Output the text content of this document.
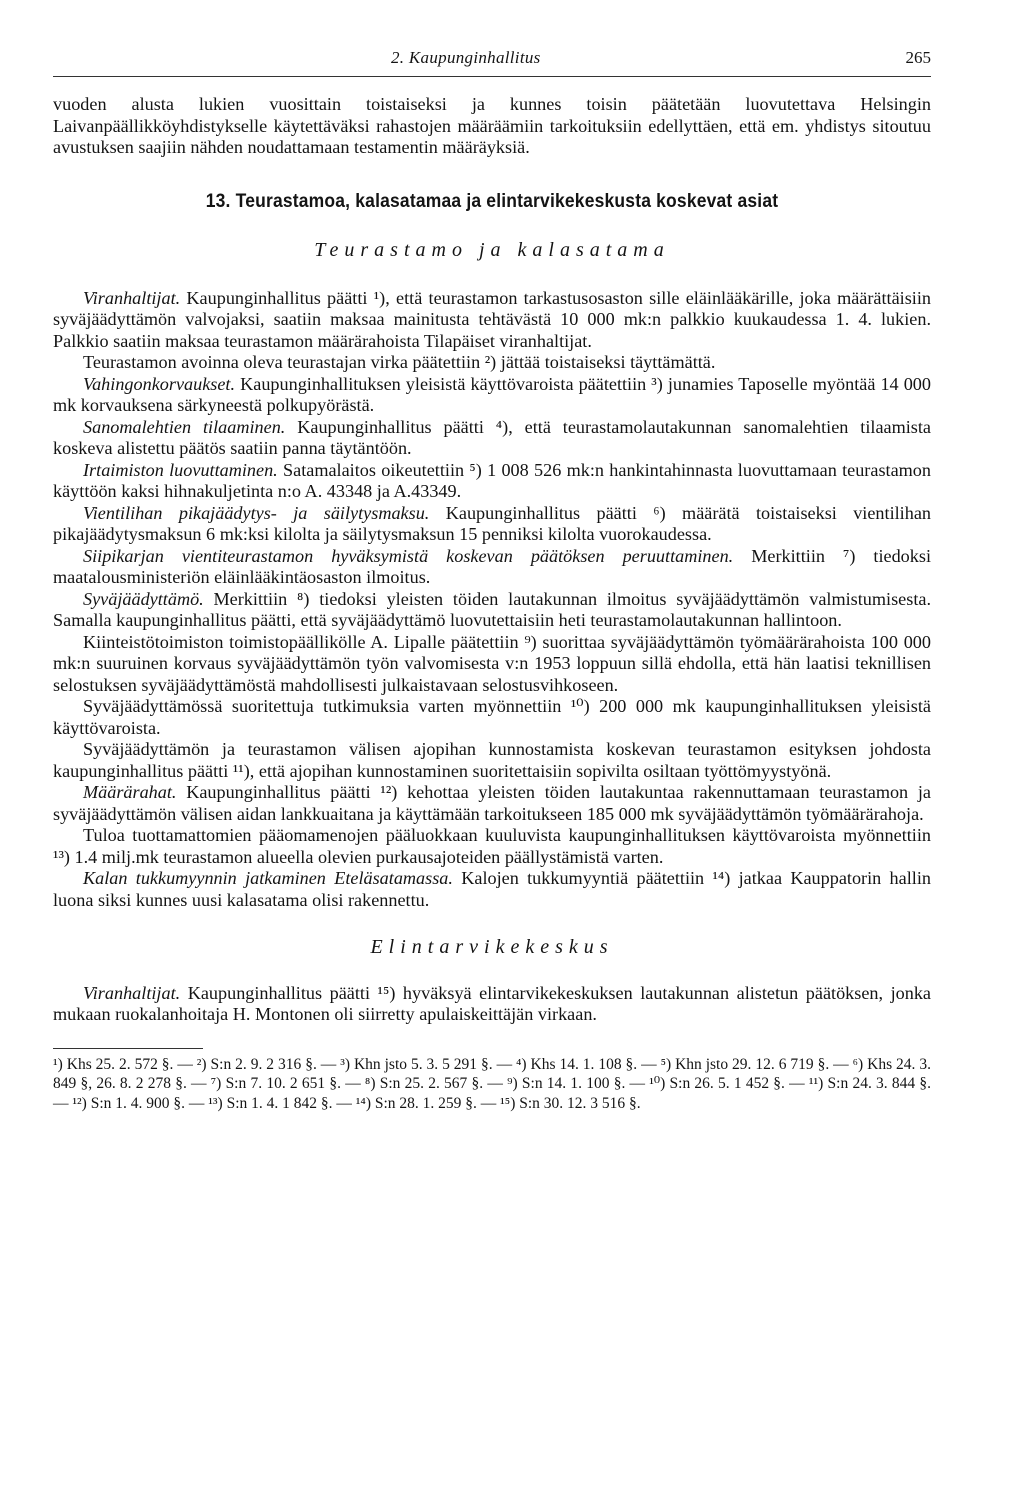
2. Kaupunginhallitus	265

vuoden alusta lukien vuosittain toistaiseksi ja kunnes toisin päätetään luovutettava Helsingin Laivanpäällikköyhdistykselle käytettäväksi rahastojen määräämiin tarkoituksiin edellyttäen, että em. yhdistys sitoutuu avustuksen saajiin nähden noudattamaan testamentin määräyksiä.

13. Teurastamoa, kalasatamaa ja elintarvikekeskusta koskevat asiat
Teurastamo ja kalasatama

Viranhaltijat. Kaupunginhallitus päätti ¹), että teurastamon tarkastusosaston sille eläinlääkärille, joka määrättäisiin syväjäädyttämön valvojaksi, saatiin maksaa mainitusta tehtävästä 10 000 mk:n palkkio kuukaudessa 1. 4. lukien. Palkkio saatiin maksaa teurastamon määrärahoista Tilapäiset viranhaltijat.

Teurastamon avoinna oleva teurastajan virka päätettiin ²) jättää toistaiseksi täyttämättä.

Vahingonkorvaukset. Kaupunginhallituksen yleisistä käyttövaroista päätettiin ³) junamies Taposelle myöntää 14 000 mk korvauksena särkyneestä polkupyörästä.

Sanomalehtien tilaaminen. Kaupunginhallitus päätti ⁴), että teurastamolautakunnan sanomalehtien tilaamista koskeva alistettu päätös saatiin panna täytäntöön.

Irtaimiston luovuttaminen. Satamalaitos oikeutettiin ⁵) 1 008 526 mk:n hankintahinnasta luovuttamaan teurastamon käyttöön kaksi hihnakuljetinta n:o A. 43348 ja A.43349.

Vientilihan pikajäädytys- ja säilytysmaksu. Kaupunginhallitus päätti ⁶) määrätä toistaiseksi vientilihan pikajäädytysmaksun 6 mk:ksi kilolta ja säilytysmaksun 15 penniksi kilolta vuorokaudessa.

Siipikarjan vientiteurastamon hyväksymistä koskevan päätöksen peruuttaminen. Merkittiin ⁷) tiedoksi maatalousministeriön eläinlääkintäosaston ilmoitus.

Syväjäädyttämö. Merkittiin ⁸) tiedoksi yleisten töiden lautakunnan ilmoitus syväjäädyttämön valmistumisesta. Samalla kaupunginhallitus päätti, että syväjäädyttämö luovutettaisiin heti teurastamolautakunnan hallintoon.

Kiinteistötoimiston toimistopäällikölle A. Lipalle päätettiin ⁹) suorittaa syväjäädyttämön työmäärärahoista 100 000 mk:n suuruinen korvaus syväjäädyttämön työn valvomisesta v:n 1953 loppuun sillä ehdolla, että hän laatisi teknillisen selostuksen syväjäädyttämöstä mahdollisesti julkaistavaan selostusvihkoseen.

Syväjäädyttämössä suoritettuja tutkimuksia varten myönnettiin ¹⁰) 200 000 mk kaupunginhallituksen yleisistä käyttövaroista.

Syväjäädyttämön ja teurastamon välisen ajopihan kunnostamista koskevan teurastamon esityksen johdosta kaupunginhallitus päätti ¹¹), että ajopihan kunnostaminen suoritettaisiin sopivilta osiltaan työttömyystyönä.

Määrärahat. Kaupunginhallitus päätti ¹²) kehottaa yleisten töiden lautakuntaa rakennuttamaan teurastamon ja syväjäädyttämön välisen aidan lankkuaitana ja käyttämään tarkoitukseen 185 000 mk syväjäädyttämön työmäärärahoja.

Tuloa tuottamattomien pääomamenojen pääluokkaan kuuluvista kaupunginhallituksen käyttövaroista myönnettiin ¹³) 1.4 milj.mk teurastamon alueella olevien purkausajoteiden päällystämistä varten.

Kalan tukkumyynnin jatkaminen Eteläsatamassa. Kalojen tukkumyyntiä päätettiin ¹⁴) jatkaa Kauppatorin hallin luona siksi kunnes uusi kalasatama olisi rakennettu.

Elintarvikekeskus

Viranhaltijat. Kaupunginhallitus päätti ¹⁵) hyväksyä elintarvikekeskuksen lautakunnan alistetun päätöksen, jonka mukaan ruokalanhoitaja H. Montonen oli siirretty apulaiskeittäjän virkaan.

¹) Khs 25. 2. 572 §. — ²) S:n 2. 9. 2 316 §. — ³) Khn jsto 5. 3. 5 291 §. — ⁴) Khs 14. 1. 108 §. — ⁵) Khn jsto 29. 12. 6 719 §. — ⁶) Khs 24. 3. 849 §, 26. 8. 2 278 §. — ⁷) S:n 7. 10. 2 651 §. — ⁸) S:n 25. 2. 567 §. — ⁹) S:n 14. 1. 100 §. — ¹⁰) S:n 26. 5. 1 452 §. — ¹¹) S:n 24. 3. 844 §. — ¹²) S:n 1. 4. 900 §. — ¹³) S:n 1. 4. 1 842 §. — ¹⁴) S:n 28. 1. 259 §. — ¹⁵) S:n 30. 12. 3 516 §.
